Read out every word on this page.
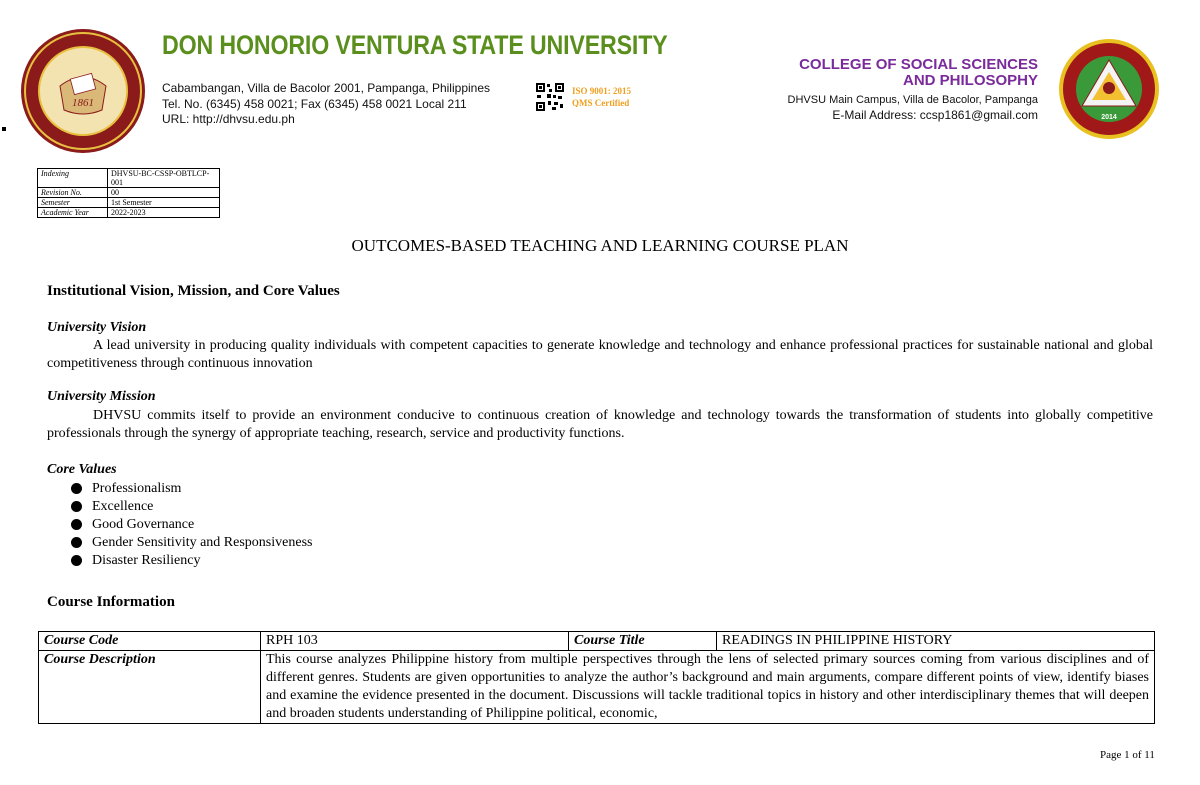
1861
DON HONORIO VENTURA STATE UNIVERSITY
Cabambangan, Villa de Bacolor 2001, Pampanga, Philippines
Tel. No. (6345) 458 0021; Fax (6345) 458 0021 Local 211
URL: http://dhvsu.edu.ph
ISO 9001: 2015
QMS Certified
COLLEGE OF SOCIAL SCIENCES
AND PHILOSOPHY
DHVSU Main Campus, Villa de Bacolor, Pampanga
E-Mail Address: ccsp1861@gmail.com	2014
Indexing	DHVSU-BC-CSSP-OBTLCP-001
Revision No.	00
Semester	1st Semester
Academic Year	2022-2023
OUTCOMES-BASED TEACHING AND LEARNING COURSE PLAN
Institutional Vision, Mission, and Core Values
University Vision
A lead university in producing quality individuals with competent capacities to generate knowledge and technology and enhance professional practices for sustainable national and global competitiveness through continuous innovation
University Mission
DHVSU commits itself to provide an environment conducive to continuous creation of knowledge and technology towards the transformation of students into globally competitive professionals through the synergy of appropriate teaching, research, service and productivity functions.
Core Values
Professionalism
Excellence
Good Governance
Gender Sensitivity and Responsiveness
Disaster Resiliency
Course Information
Course Code	RPH 103	Course Title	READINGS IN PHILIPPINE HISTORY
Course Description	This course analyzes Philippine history from multiple perspectives through the lens of selected primary sources coming from various disciplines and of different genres. Students are given opportunities to analyze the author’s background and main arguments, compare different points of view, identify biases and examine the evidence presented in the document. Discussions will tackle traditional topics in history and other interdisciplinary themes that will deepen and broaden students understanding of Philippine political, economic,		
Page 1 of 11
